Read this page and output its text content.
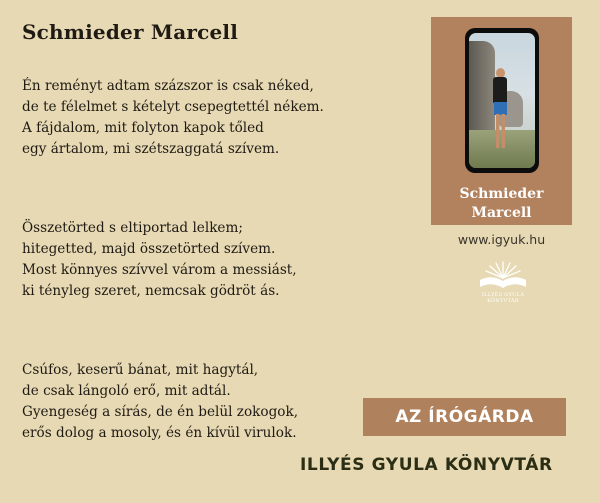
Schmieder Marcell
Én reményt adtam százszor is csak néked,
de te félelmet s kételyt csepegtettél nékem.
A fájdalom, mit folyton kapok tőled
egy ártalom, mi szétszaggatá szívem.
Összetörted s eltiportad lelkem;
hitegetted, majd összetörted szívem.
Most könnyes szívvel várom a messiást,
ki tényleg szeret, nemcsak gödröt ás.
Csúfos, keserű bánat, mit hagytál,
de csak lángoló erő, mit adtál.
Gyengeség a sírás, de én belül zokogok,
erős dolog a mosoly, és én kívül virulok.
Schmieder
Marcell
www.igyuk.hu
ILLYÉS GYULA
KÖNYVTÁR
AZ ÍRÓGÁRDA
ILLYÉS GYULA KÖNYVTÁR
